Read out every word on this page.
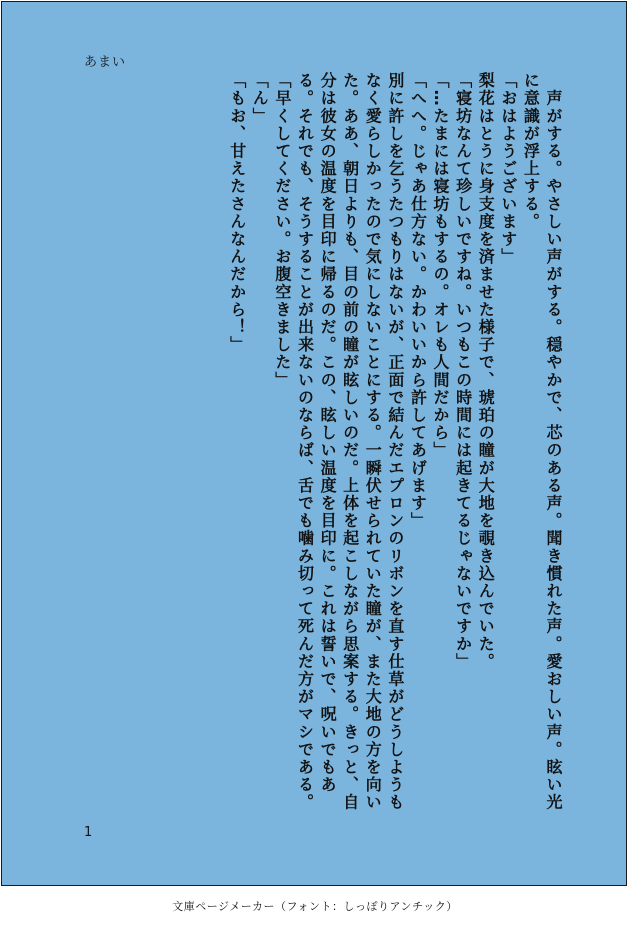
あまい

　声がする。やさしい声がする。穏やかで、芯のある声。聞き慣れた声。愛おしい声。眩い光に意識が浮上する。

「おはようございます」

梨花はとうに身支度を済ませた様子で、琥珀の瞳が大地を覗き込んでいた。

「寝坊なんて珍しいですね。いつもこの時間には起きてるじゃないですか」

「…たまには寝坊もするの。オレも人間だから」

「へへ。じゃあ仕方ない。かわいいから許してあげます」

別に許しを乞うたつもりはないが、正面で結んだエプロンのリボンを直す仕草がどうしようもなく愛らしかったので気にしないことにする。一瞬伏せられていた瞳が、また大地の方を向いた。ああ、朝日よりも、目の前の瞳が眩しいのだ。上体を起こしながら思案する。きっと、自分は彼女の温度を目印に帰るのだ。この、眩しい温度を目印に。これは誓いで、呪いでもある。それでも、そうすることが出来ないのならば、舌でも噛み切って死んだ方がマシである。

「早くしてください。お腹空きました」

「ん」

「もお、甘えたさんなんだから！」

1
文庫ページメーカー（フォント：しっぽりアンチック）
